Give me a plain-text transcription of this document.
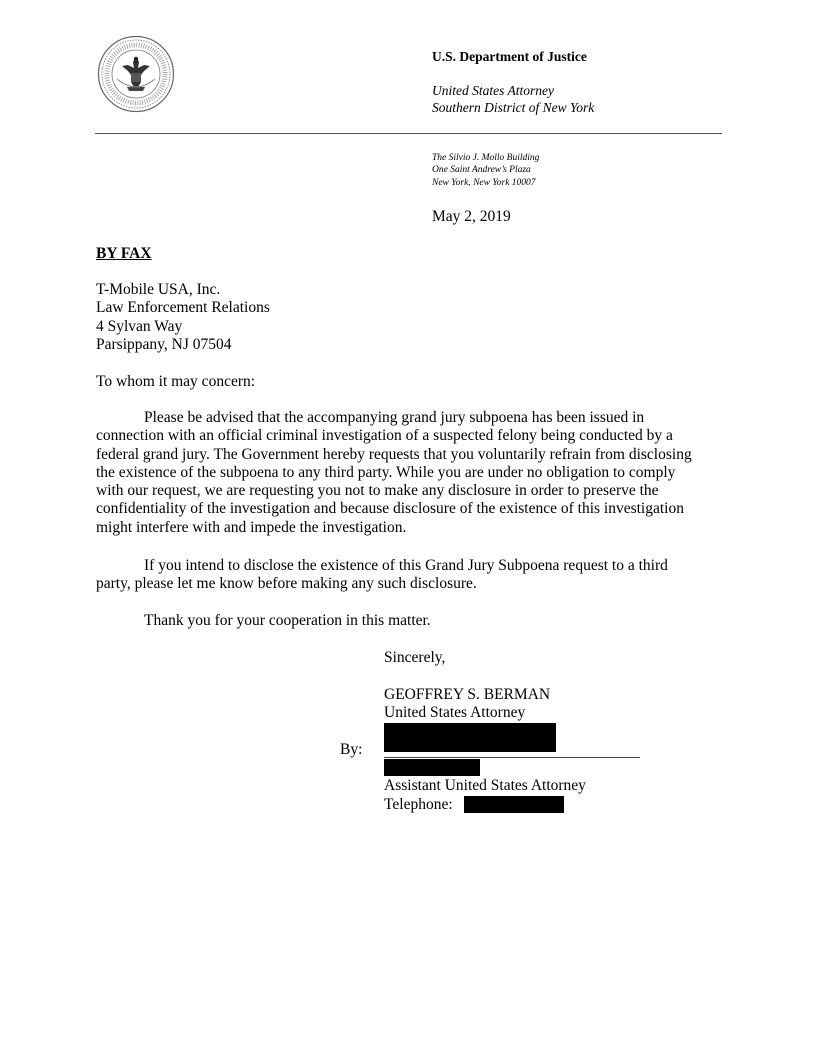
U.S. Department of Justice
United States Attorney
Southern District of New York
The Silvio J. Mollo Building
One Saint Andrew’s Plaza
New York, New York 10007
May 2, 2019
BY FAX
T-Mobile USA, Inc.
Law Enforcement Relations
4 Sylvan Way
Parsippany, NJ 07504
To whom it may concern:
Please be advised that the accompanying grand jury subpoena has been issued in
connection with an official criminal investigation of a suspected felony being conducted by a
federal grand jury. The Government hereby requests that you voluntarily refrain from disclosing
the existence of the subpoena to any third party. While you are under no obligation to comply
with our request, we are requesting you not to make any disclosure in order to preserve the
confidentiality of the investigation and because disclosure of the existence of this investigation
might interfere with and impede the investigation.
If you intend to disclose the existence of this Grand Jury Subpoena request to a third
party, please let me know before making any such disclosure.
Thank you for your cooperation in this matter.
Sincerely,
GEOFFREY S. BERMAN
United States Attorney
By:
Assistant United States Attorney
Telephone:
